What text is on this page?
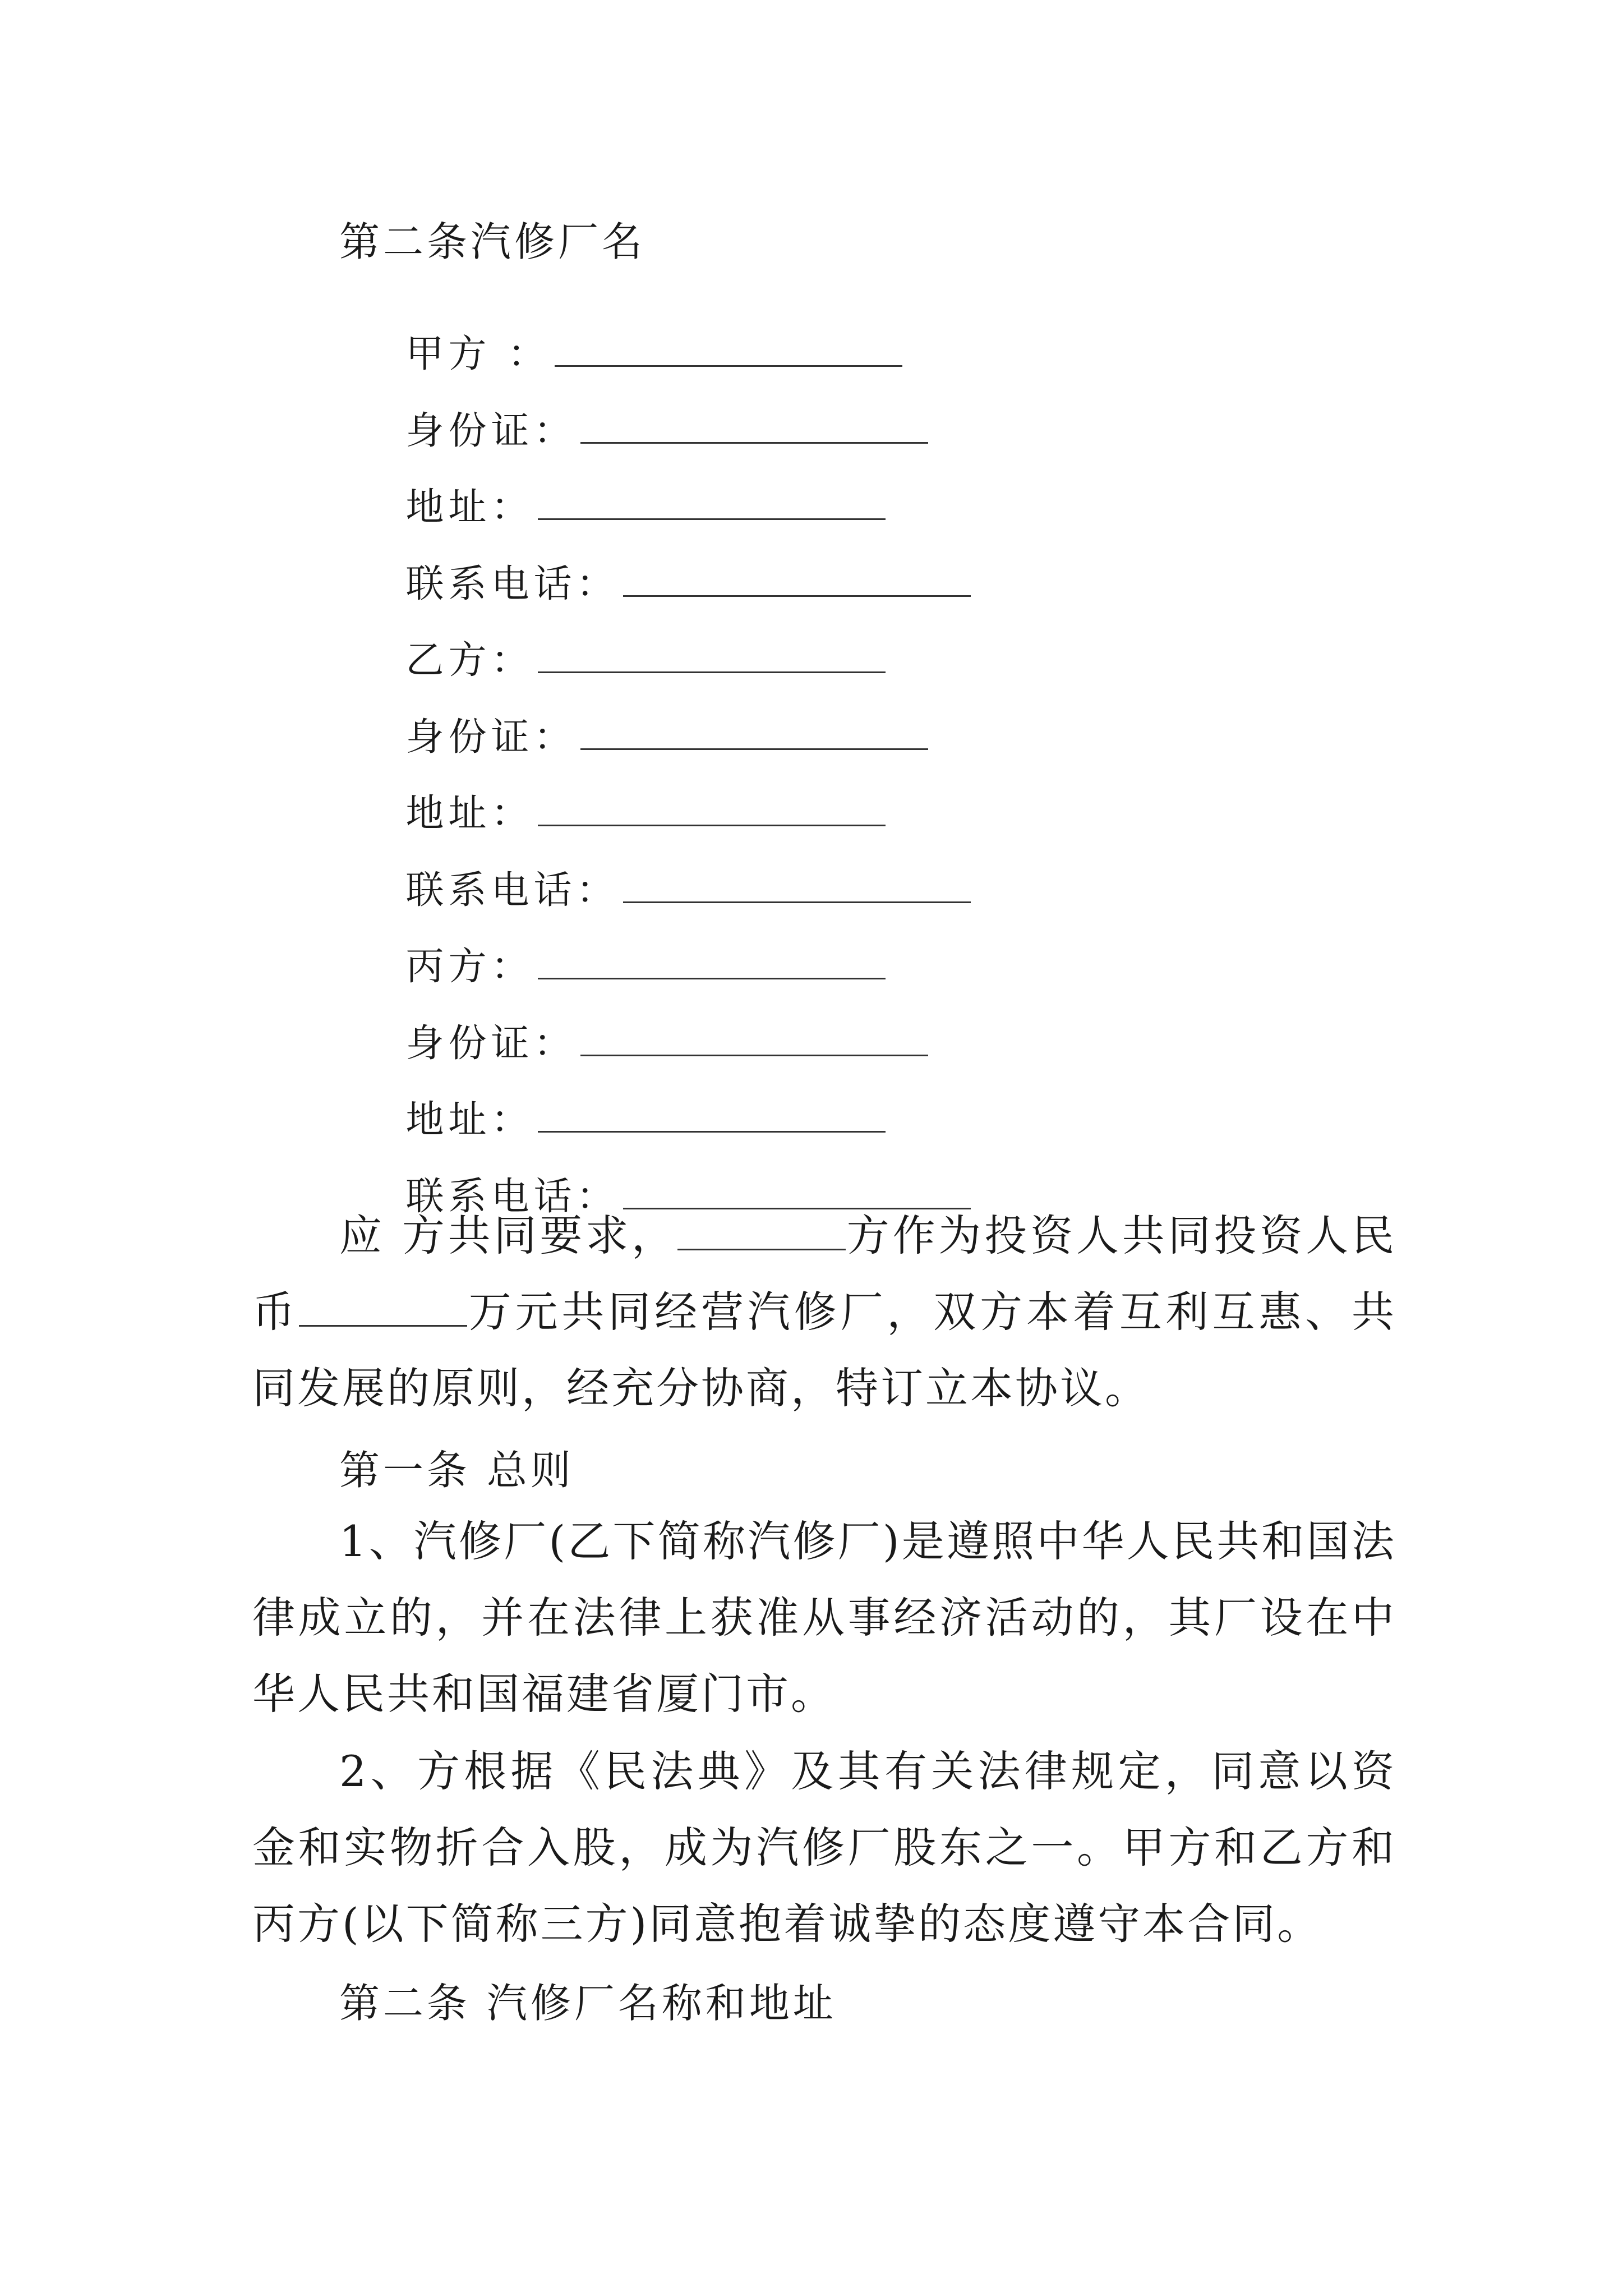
第二条汽修厂名

甲方 ：

身份证：

地址：

联系电话：

乙方：

身份证：

地址：

联系电话：

丙方：

身份证：

地址：

联系电话：

应 方共同要求，	方作为投资人共同投资人民币	万元共同经营汽修厂，双方本着互利互惠、共同发展的原则，经充分协商，特订立本协议。
第一条 总则
1、汽修厂(乙下简称汽修厂)是遵照中华人民共和国法律成立的，并在法律上获准从事经济活动的，其厂设在中华人民共和国福建省厦门市。
2、方根据《民法典》及其有关法律规定，同意以资金和实物折合入股，成为汽修厂股东之一。甲方和乙方和丙方(以下简称三方)同意抱着诚挚的态度遵守本合同。
第二条 汽修厂名称和地址
